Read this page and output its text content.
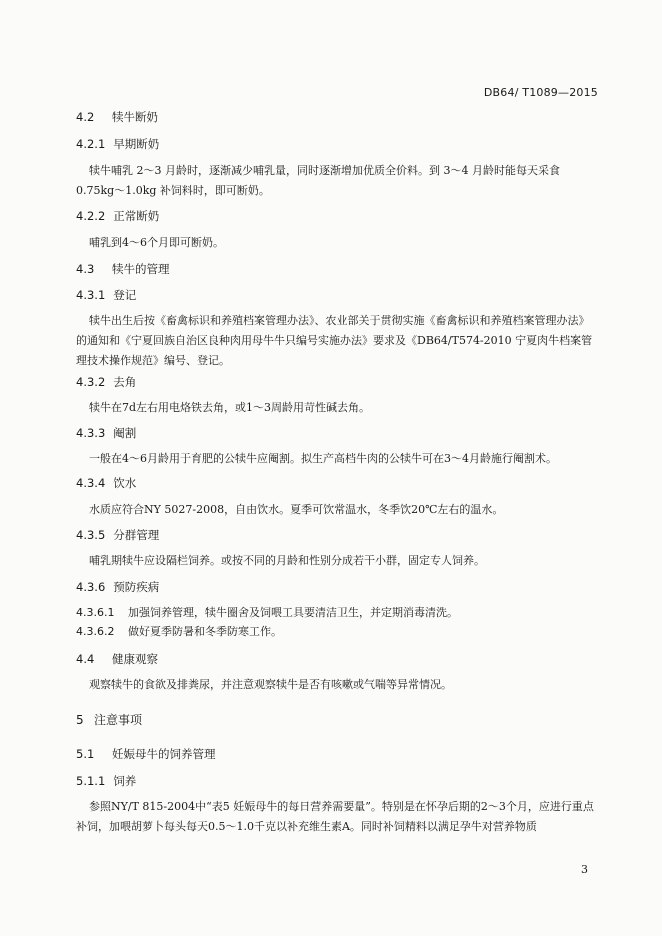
DB64/ T1089—2015
4.2 犊牛断奶
4.2.1 早期断奶
犊牛哺乳 2～3 月龄时，逐渐减少哺乳量，同时逐渐增加优质全价料。到 3～4 月龄时能每天采食 0.75kg～1.0kg 补饲料时，即可断奶。
4.2.2 正常断奶
哺乳到4～6个月即可断奶。
4.3 犊牛的管理
4.3.1 登记
犊牛出生后按《畜禽标识和养殖档案管理办法》、农业部关于贯彻实施《畜禽标识和养殖档案管理办法》的通知和《宁夏回族自治区良种肉用母牛牛只编号实施办法》要求及《DB64/T574-2010 宁夏肉牛档案管理技术操作规范》编号、登记。
4.3.2 去角
犊牛在7d左右用电烙铁去角，或1～3周龄用苛性碱去角。
4.3.3 阉割
一般在4～6月龄用于育肥的公犊牛应阉割。拟生产高档牛肉的公犊牛可在3～4月龄施行阉割术。
4.3.4 饮水
水质应符合NY 5027-2008，自由饮水。夏季可饮常温水，冬季饮20℃左右的温水。
4.3.5 分群管理
哺乳期犊牛应设隔栏饲养。或按不同的月龄和性别分成若干小群，固定专人饲养。
4.3.6 预防疾病
4.3.6.1 加强饲养管理，犊牛圈舍及饲喂工具要清洁卫生，并定期消毒清洗。
4.3.6.2 做好夏季防暑和冬季防寒工作。
4.4 健康观察
观察犊牛的食欲及排粪尿，并注意观察犊牛是否有咳嗽或气喘等异常情况。
5 注意事项
5.1 妊娠母牛的饲养管理
5.1.1 饲养
参照NY/T 815-2004中“表5 妊娠母牛的每日营养需要量”。特别是在怀孕后期的2～3个月，应进行重点补饲，加喂胡萝卜每头每天0.5～1.0千克以补充维生素A。同时补饲精料以满足孕牛对营养物质
3
